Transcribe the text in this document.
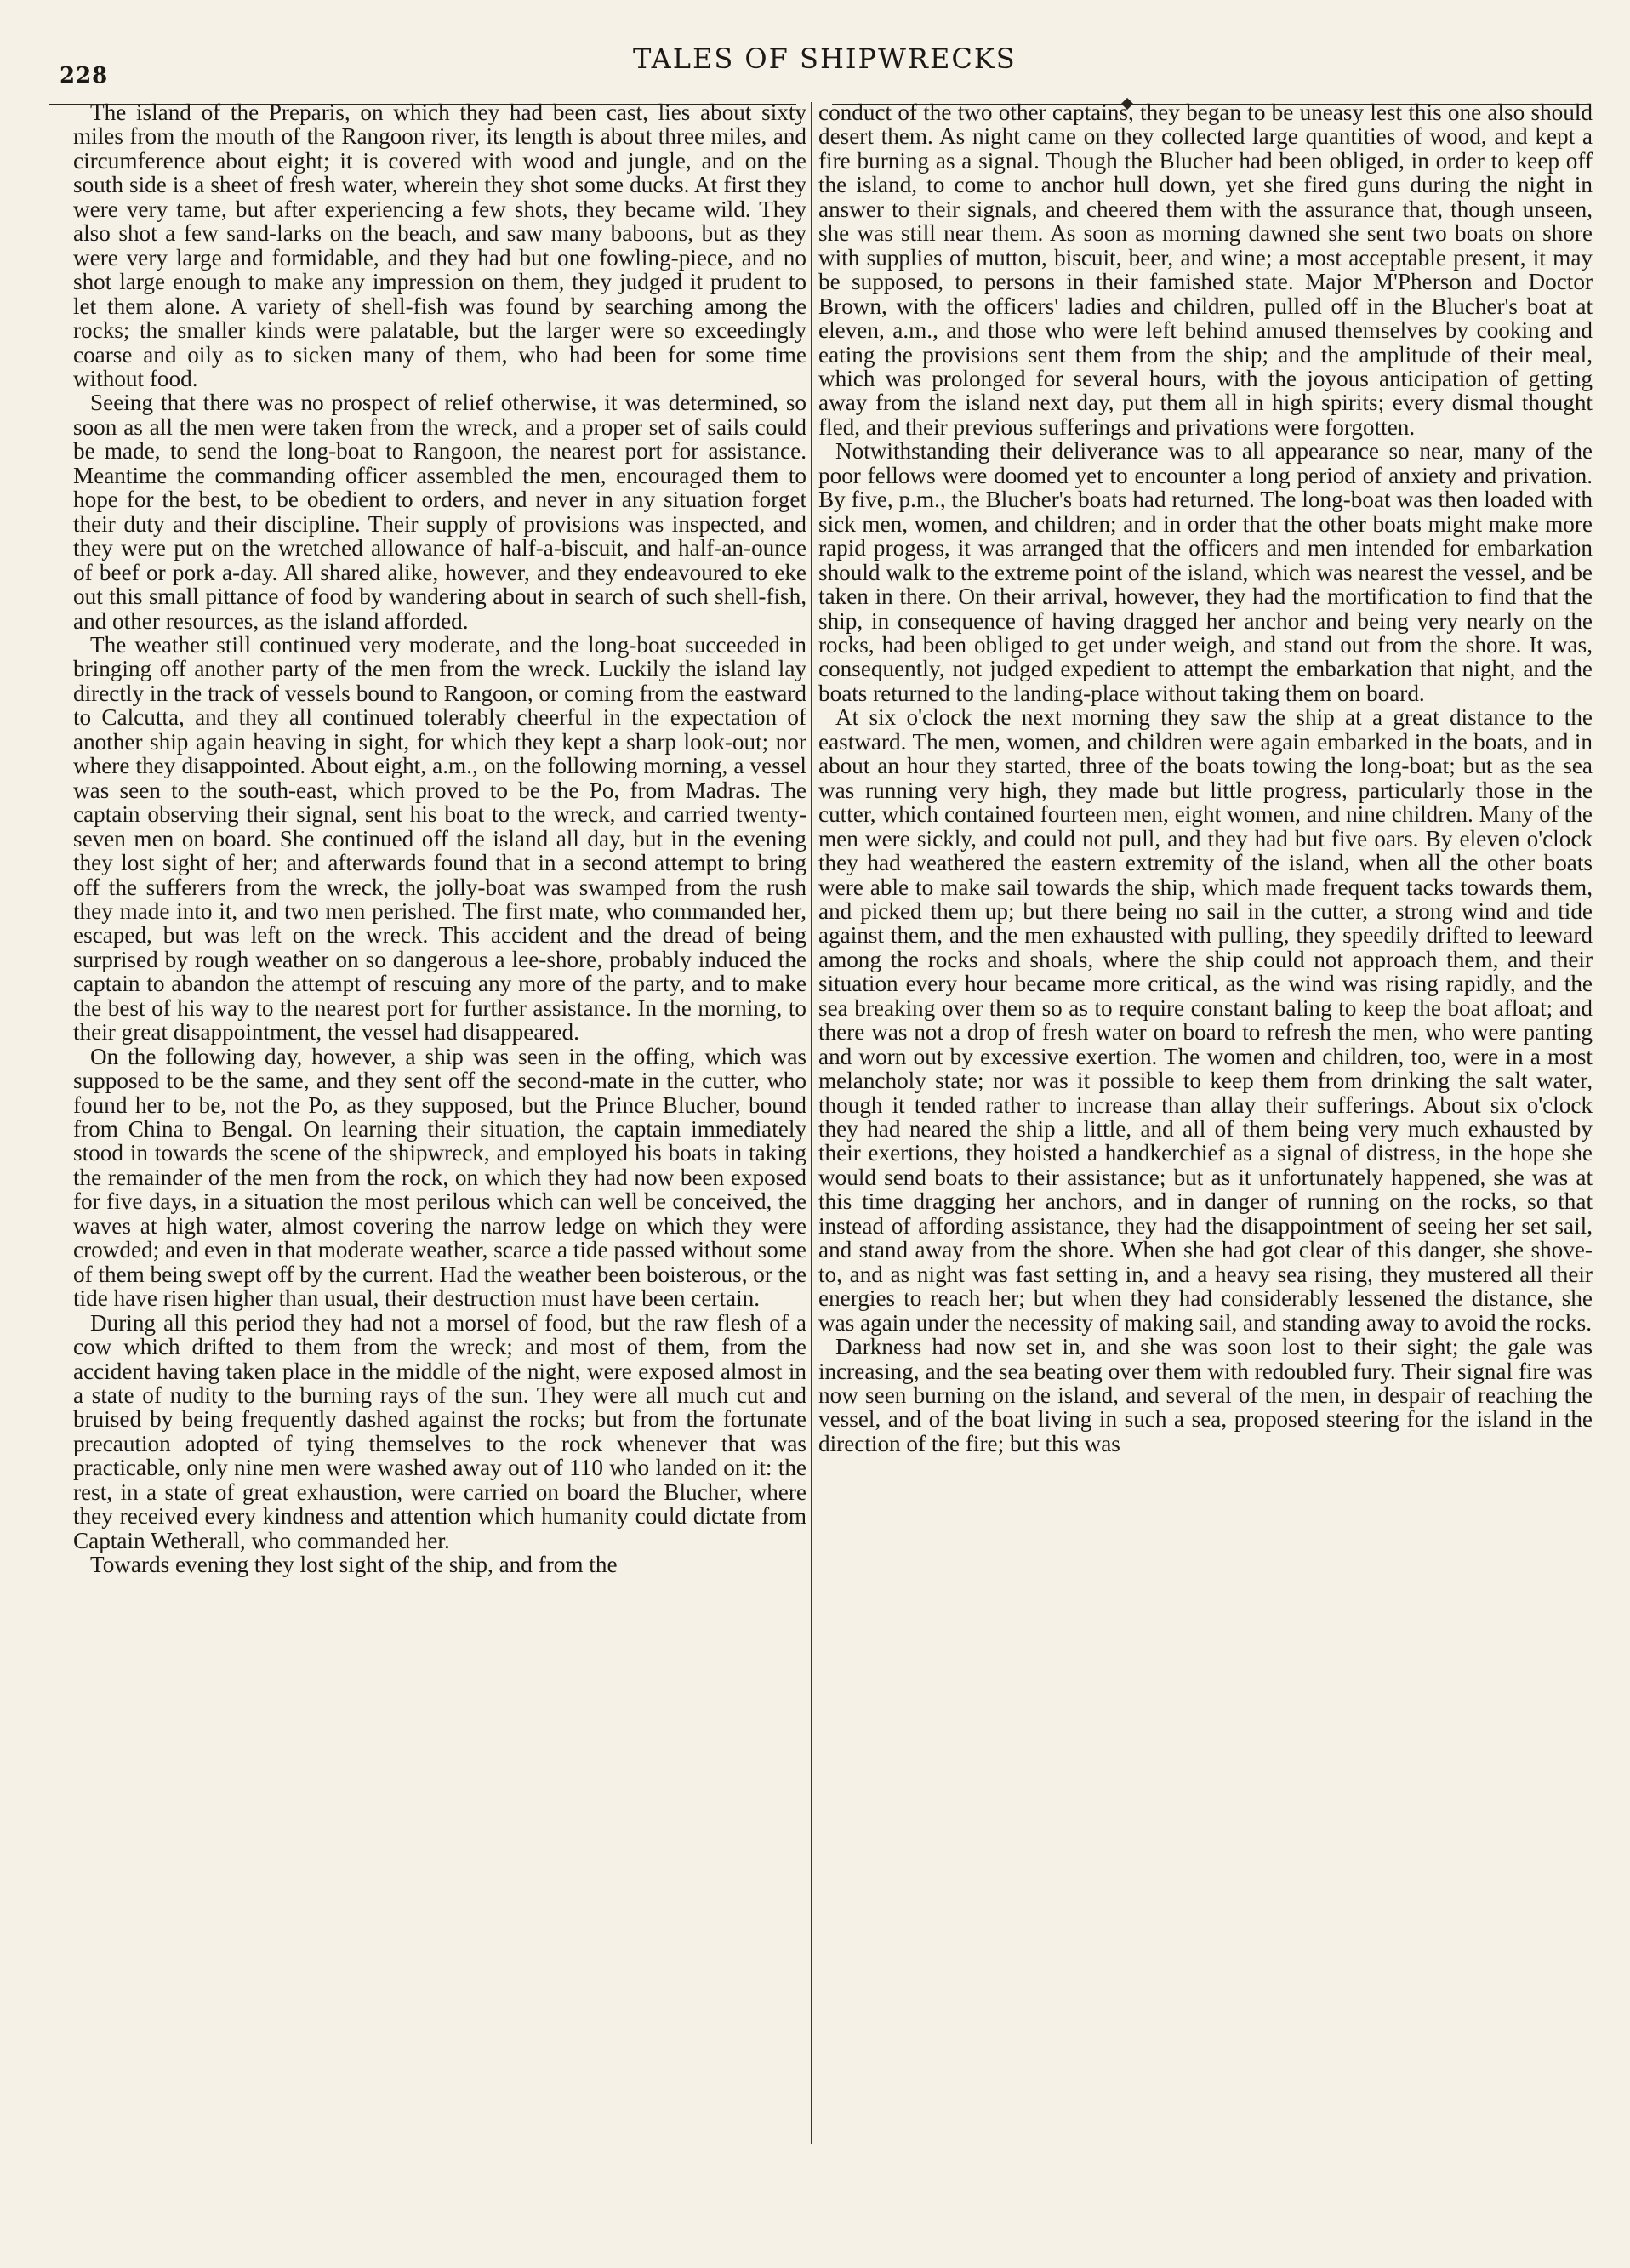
228
TALES OF SHIPWRECKS

The island of the Preparis, on which they had been cast, lies about sixty miles from the mouth of the Rangoon river, its length is about three miles, and circumference about eight; it is covered with wood and jungle, and on the south side is a sheet of fresh water, wherein they shot some ducks. At first they were very tame, but after experiencing a few shots, they became wild. They also shot a few sand-larks on the beach, and saw many baboons, but as they were very large and formidable, and they had but one fowling-piece, and no shot large enough to make any impression on them, they judged it prudent to let them alone. A variety of shell-fish was found by searching among the rocks; the smaller kinds were palatable, but the larger were so exceedingly coarse and oily as to sicken many of them, who had been for some time without food.

Seeing that there was no prospect of relief otherwise, it was determined, so soon as all the men were taken from the wreck, and a proper set of sails could be made, to send the long-boat to Rangoon, the nearest port for assistance. Meantime the commanding officer assembled the men, encouraged them to hope for the best, to be obedient to orders, and never in any situation forget their duty and their discipline. Their supply of provisions was inspected, and they were put on the wretched allowance of half-a-biscuit, and half-an-ounce of beef or pork a-day. All shared alike, however, and they endeavoured to eke out this small pittance of food by wandering about in search of such shell-fish, and other resources, as the island afforded.

The weather still continued very moderate, and the long-boat succeeded in bringing off another party of the men from the wreck. Luckily the island lay directly in the track of vessels bound to Rangoon, or coming from the eastward to Calcutta, and they all continued tolerably cheerful in the expectation of another ship again heaving in sight, for which they kept a sharp look-out; nor where they disappointed. About eight, a.m., on the following morning, a vessel was seen to the south-east, which proved to be the Po, from Madras. The captain observing their signal, sent his boat to the wreck, and carried twenty-seven men on board. She continued off the island all day, but in the evening they lost sight of her; and afterwards found that in a second attempt to bring off the sufferers from the wreck, the jolly-boat was swamped from the rush they made into it, and two men perished. The first mate, who commanded her, escaped, but was left on the wreck. This accident and the dread of being surprised by rough weather on so dangerous a lee-shore, probably induced the captain to abandon the attempt of rescuing any more of the party, and to make the best of his way to the nearest port for further assistance. In the morning, to their great disappointment, the vessel had disappeared.

On the following day, however, a ship was seen in the offing, which was supposed to be the same, and they sent off the second-mate in the cutter, who found her to be, not the Po, as they supposed, but the Prince Blucher, bound from China to Bengal. On learning their situation, the captain immediately stood in towards the scene of the shipwreck, and employed his boats in taking the remainder of the men from the rock, on which they had now been exposed for five days, in a situation the most perilous which can well be conceived, the waves at high water, almost covering the narrow ledge on which they were crowded; and even in that moderate weather, scarce a tide passed without some of them being swept off by the current. Had the weather been boisterous, or the tide have risen higher than usual, their destruction must have been certain.

During all this period they had not a morsel of food, but the raw flesh of a cow which drifted to them from the wreck; and most of them, from the accident having taken place in the middle of the night, were exposed almost in a state of nudity to the burning rays of the sun. They were all much cut and bruised by being frequently dashed against the rocks; but from the fortunate precaution adopted of tying themselves to the rock whenever that was practicable, only nine men were washed away out of 110 who landed on it: the rest, in a state of great exhaustion, were carried on board the Blucher, where they received every kindness and attention which humanity could dictate from Captain Wetherall, who commanded her.

Towards evening they lost sight of the ship, and from the

conduct of the two other captains, they began to be uneasy lest this one also should desert them. As night came on they collected large quantities of wood, and kept a fire burning as a signal. Though the Blucher had been obliged, in order to keep off the island, to come to anchor hull down, yet she fired guns during the night in answer to their signals, and cheered them with the assurance that, though unseen, she was still near them. As soon as morning dawned she sent two boats on shore with supplies of mutton, biscuit, beer, and wine; a most acceptable present, it may be supposed, to persons in their famished state. Major M'Pherson and Doctor Brown, with the officers' ladies and children, pulled off in the Blucher's boat at eleven, a.m., and those who were left behind amused themselves by cooking and eating the provisions sent them from the ship; and the amplitude of their meal, which was prolonged for several hours, with the joyous anticipation of getting away from the island next day, put them all in high spirits; every dismal thought fled, and their previous sufferings and privations were forgotten.

Notwithstanding their deliverance was to all appearance so near, many of the poor fellows were doomed yet to encounter a long period of anxiety and privation. By five, p.m., the Blucher's boats had returned. The long-boat was then loaded with sick men, women, and children; and in order that the other boats might make more rapid progess, it was arranged that the officers and men intended for embarkation should walk to the extreme point of the island, which was nearest the vessel, and be taken in there. On their arrival, however, they had the mortification to find that the ship, in consequence of having dragged her anchor and being very nearly on the rocks, had been obliged to get under weigh, and stand out from the shore. It was, consequently, not judged expedient to attempt the embarkation that night, and the boats returned to the landing-place without taking them on board.

At six o'clock the next morning they saw the ship at a great distance to the eastward. The men, women, and children were again embarked in the boats, and in about an hour they started, three of the boats towing the long-boat; but as the sea was running very high, they made but little progress, particularly those in the cutter, which contained fourteen men, eight women, and nine children. Many of the men were sickly, and could not pull, and they had but five oars. By eleven o'clock they had weathered the eastern extremity of the island, when all the other boats were able to make sail towards the ship, which made frequent tacks towards them, and picked them up; but there being no sail in the cutter, a strong wind and tide against them, and the men exhausted with pulling, they speedily drifted to leeward among the rocks and shoals, where the ship could not approach them, and their situation every hour became more critical, as the wind was rising rapidly, and the sea breaking over them so as to require constant baling to keep the boat afloat; and there was not a drop of fresh water on board to refresh the men, who were panting and worn out by excessive exertion. The women and children, too, were in a most melancholy state; nor was it possible to keep them from drinking the salt water, though it tended rather to increase than allay their sufferings. About six o'clock they had neared the ship a little, and all of them being very much exhausted by their exertions, they hoisted a handkerchief as a signal of distress, in the hope she would send boats to their assistance; but as it unfortunately happened, she was at this time dragging her anchors, and in danger of running on the rocks, so that instead of affording assistance, they had the disappointment of seeing her set sail, and stand away from the shore. When she had got clear of this danger, she shove-to, and as night was fast setting in, and a heavy sea rising, they mustered all their energies to reach her; but when they had considerably lessened the distance, she was again under the necessity of making sail, and standing away to avoid the rocks.

Darkness had now set in, and she was soon lost to their sight; the gale was increasing, and the sea beating over them with redoubled fury. Their signal fire was now seen burning on the island, and several of the men, in despair of reaching the vessel, and of the boat living in such a sea, proposed steering for the island in the direction of the fire; but this was
